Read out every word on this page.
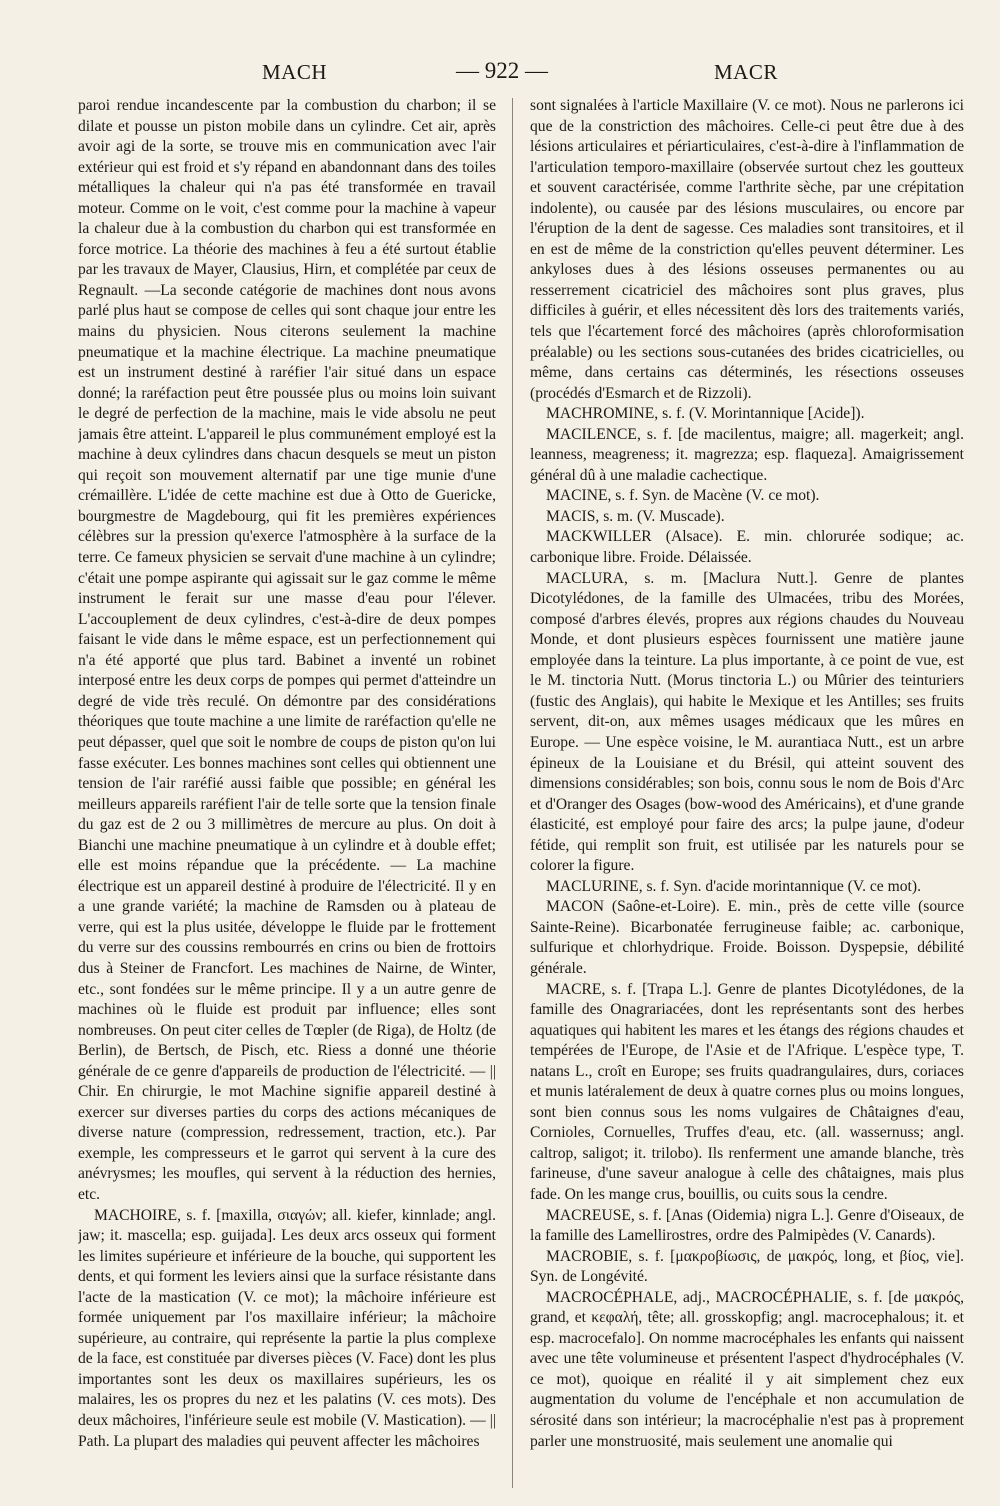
MACH	— 922 —	MACR

paroi rendue incandescente par la combustion du charbon; il se dilate et pousse un piston mobile dans un cylindre. Cet air, après avoir agi de la sorte, se trouve mis en communication avec l'air extérieur qui est froid et s'y répand en abandonnant dans des toiles métalliques la chaleur qui n'a pas été transformée en travail moteur. Comme on le voit, c'est comme pour la machine à vapeur la chaleur due à la combustion du charbon qui est transformée en force motrice. La théorie des machines à feu a été surtout établie par les travaux de Mayer, Clausius, Hirn, et complétée par ceux de Regnault. —La seconde catégorie de machines dont nous avons parlé plus haut se compose de celles qui sont chaque jour entre les mains du physicien. Nous citerons seulement la machine pneumatique et la machine électrique. La machine pneumatique est un instrument destiné à raréfier l'air situé dans un espace donné; la raréfaction peut être poussée plus ou moins loin suivant le degré de perfection de la machine, mais le vide absolu ne peut jamais être atteint. L'appareil le plus communément employé est la machine à deux cylindres dans chacun desquels se meut un piston qui reçoit son mouvement alternatif par une tige munie d'une crémaillère. L'idée de cette machine est due à Otto de Guericke, bourgmestre de Magdebourg, qui fit les premières expériences célèbres sur la pression qu'exerce l'atmosphère à la surface de la terre. Ce fameux physicien se servait d'une machine à un cylindre; c'était une pompe aspirante qui agissait sur le gaz comme le même instrument le ferait sur une masse d'eau pour l'élever. L'accouplement de deux cylindres, c'est-à-dire de deux pompes faisant le vide dans le même espace, est un perfectionnement qui n'a été apporté que plus tard. Babinet a inventé un robinet interposé entre les deux corps de pompes qui permet d'atteindre un degré de vide très reculé. On démontre par des considérations théoriques que toute machine a une limite de raréfaction qu'elle ne peut dépasser, quel que soit le nombre de coups de piston qu'on lui fasse exécuter. Les bonnes machines sont celles qui obtiennent une tension de l'air raréfié aussi faible que possible; en général les meilleurs appareils raréfient l'air de telle sorte que la tension finale du gaz est de 2 ou 3 millimètres de mercure au plus. On doit à Bianchi une machine pneumatique à un cylindre et à double effet; elle est moins répandue que la précédente. — La machine électrique est un appareil destiné à produire de l'électricité. Il y en a une grande variété; la machine de Ramsden ou à plateau de verre, qui est la plus usitée, développe le fluide par le frottement du verre sur des coussins rembourrés en crins ou bien de frottoirs dus à Steiner de Francfort. Les machines de Nairne, de Winter, etc., sont fondées sur le même principe. Il y a un autre genre de machines où le fluide est produit par influence; elles sont nombreuses. On peut citer celles de Tœpler (de Riga), de Holtz (de Berlin), de Bertsch, de Pisch, etc. Riess a donné une théorie générale de ce genre d'appareils de production de l'électricité. — || Chir. En chirurgie, le mot Machine signifie appareil destiné à exercer sur diverses parties du corps des actions mécaniques de diverse nature (compression, redressement, traction, etc.). Par exemple, les compresseurs et le garrot qui servent à la cure des anévrysmes; les moufles, qui servent à la réduction des hernies, etc.

MACHOIRE, s. f. [maxilla, σιαγών; all. kiefer, kinnlade; angl. jaw; it. mascella; esp. guijada]. Les deux arcs osseux qui forment les limites supérieure et inférieure de la bouche, qui supportent les dents, et qui forment les leviers ainsi que la surface résistante dans l'acte de la mastication (V. ce mot); la mâchoire inférieure est formée uniquement par l'os maxillaire inférieur; la mâchoire supérieure, au contraire, qui représente la partie la plus complexe de la face, est constituée par diverses pièces (V. Face) dont les plus importantes sont les deux os maxillaires supérieurs, les os malaires, les os propres du nez et les palatins (V. ces mots). Des deux mâchoires, l'inférieure seule est mobile (V. Mastication). — || Path. La plupart des maladies qui peuvent affecter les mâchoires

sont signalées à l'article Maxillaire (V. ce mot). Nous ne parlerons ici que de la constriction des mâchoires. Celle-ci peut être due à des lésions articulaires et périarticulaires, c'est-à-dire à l'inflammation de l'articulation temporo-maxillaire (observée surtout chez les goutteux et souvent caractérisée, comme l'arthrite sèche, par une crépitation indolente), ou causée par des lésions musculaires, ou encore par l'éruption de la dent de sagesse. Ces maladies sont transitoires, et il en est de même de la constriction qu'elles peuvent déterminer. Les ankyloses dues à des lésions osseuses permanentes ou au resserrement cicatriciel des mâchoires sont plus graves, plus difficiles à guérir, et elles nécessitent dès lors des traitements variés, tels que l'écartement forcé des mâchoires (après chloroformisation préalable) ou les sections sous-cutanées des brides cicatricielles, ou même, dans certains cas déterminés, les résections osseuses (procédés d'Esmarch et de Rizzoli).

MACHROMINE, s. f. (V. Morintannique [Acide]).

MACILENCE, s. f. [de macilentus, maigre; all. magerkeit; angl. leanness, meagreness; it. magrezza; esp. flaqueza]. Amaigrissement général dû à une maladie cachectique.

MACINE, s. f. Syn. de Macène (V. ce mot).

MACIS, s. m. (V. Muscade).

MACKWILLER (Alsace). E. min. chlorurée sodique; ac. carbonique libre. Froide. Délaissée.

MACLURA, s. m. [Maclura Nutt.]. Genre de plantes Dicotylédones, de la famille des Ulmacées, tribu des Morées, composé d'arbres élevés, propres aux régions chaudes du Nouveau Monde, et dont plusieurs espèces fournissent une matière jaune employée dans la teinture. La plus importante, à ce point de vue, est le M. tinctoria Nutt. (Morus tinctoria L.) ou Mûrier des teinturiers (fustic des Anglais), qui habite le Mexique et les Antilles; ses fruits servent, dit-on, aux mêmes usages médicaux que les mûres en Europe. — Une espèce voisine, le M. aurantiaca Nutt., est un arbre épineux de la Louisiane et du Brésil, qui atteint souvent des dimensions considérables; son bois, connu sous le nom de Bois d'Arc et d'Oranger des Osages (bow-wood des Américains), et d'une grande élasticité, est employé pour faire des arcs; la pulpe jaune, d'odeur fétide, qui remplit son fruit, est utilisée par les naturels pour se colorer la figure.

MACLURINE, s. f. Syn. d'acide morintannique (V. ce mot).

MACON (Saône-et-Loire). E. min., près de cette ville (source Sainte-Reine). Bicarbonatée ferrugineuse faible; ac. carbonique, sulfurique et chlorhydrique. Froide. Boisson. Dyspepsie, débilité générale.

MACRE, s. f. [Trapa L.]. Genre de plantes Dicotylédones, de la famille des Onagrariacées, dont les représentants sont des herbes aquatiques qui habitent les mares et les étangs des régions chaudes et tempérées de l'Europe, de l'Asie et de l'Afrique. L'espèce type, T. natans L., croît en Europe; ses fruits quadrangulaires, durs, coriaces et munis latéralement de deux à quatre cornes plus ou moins longues, sont bien connus sous les noms vulgaires de Châtaignes d'eau, Cornioles, Cornuelles, Truffes d'eau, etc. (all. wassernuss; angl. caltrop, saligot; it. trilobo). Ils renferment une amande blanche, très farineuse, d'une saveur analogue à celle des châtaignes, mais plus fade. On les mange crus, bouillis, ou cuits sous la cendre.

MACREUSE, s. f. [Anas (Oidemia) nigra L.]. Genre d'Oiseaux, de la famille des Lamellirostres, ordre des Palmipèdes (V. Canards).

MACROBIE, s. f. [μακροβίωσις, de μακρός, long, et βίος, vie]. Syn. de Longévité.

MACROCÉPHALE, adj., MACROCÉPHALIE, s. f. [de μακρός, grand, et κεφαλή, tête; all. grosskopfig; angl. macrocephalous; it. et esp. macrocefalo]. On nomme macrocéphales les enfants qui naissent avec une tête volumineuse et présentent l'aspect d'hydrocéphales (V. ce mot), quoique en réalité il y ait simplement chez eux augmentation du volume de l'encéphale et non accumulation de sérosité dans son intérieur; la macrocéphalie n'est pas à proprement parler une monstruosité, mais seulement une anomalie qui
